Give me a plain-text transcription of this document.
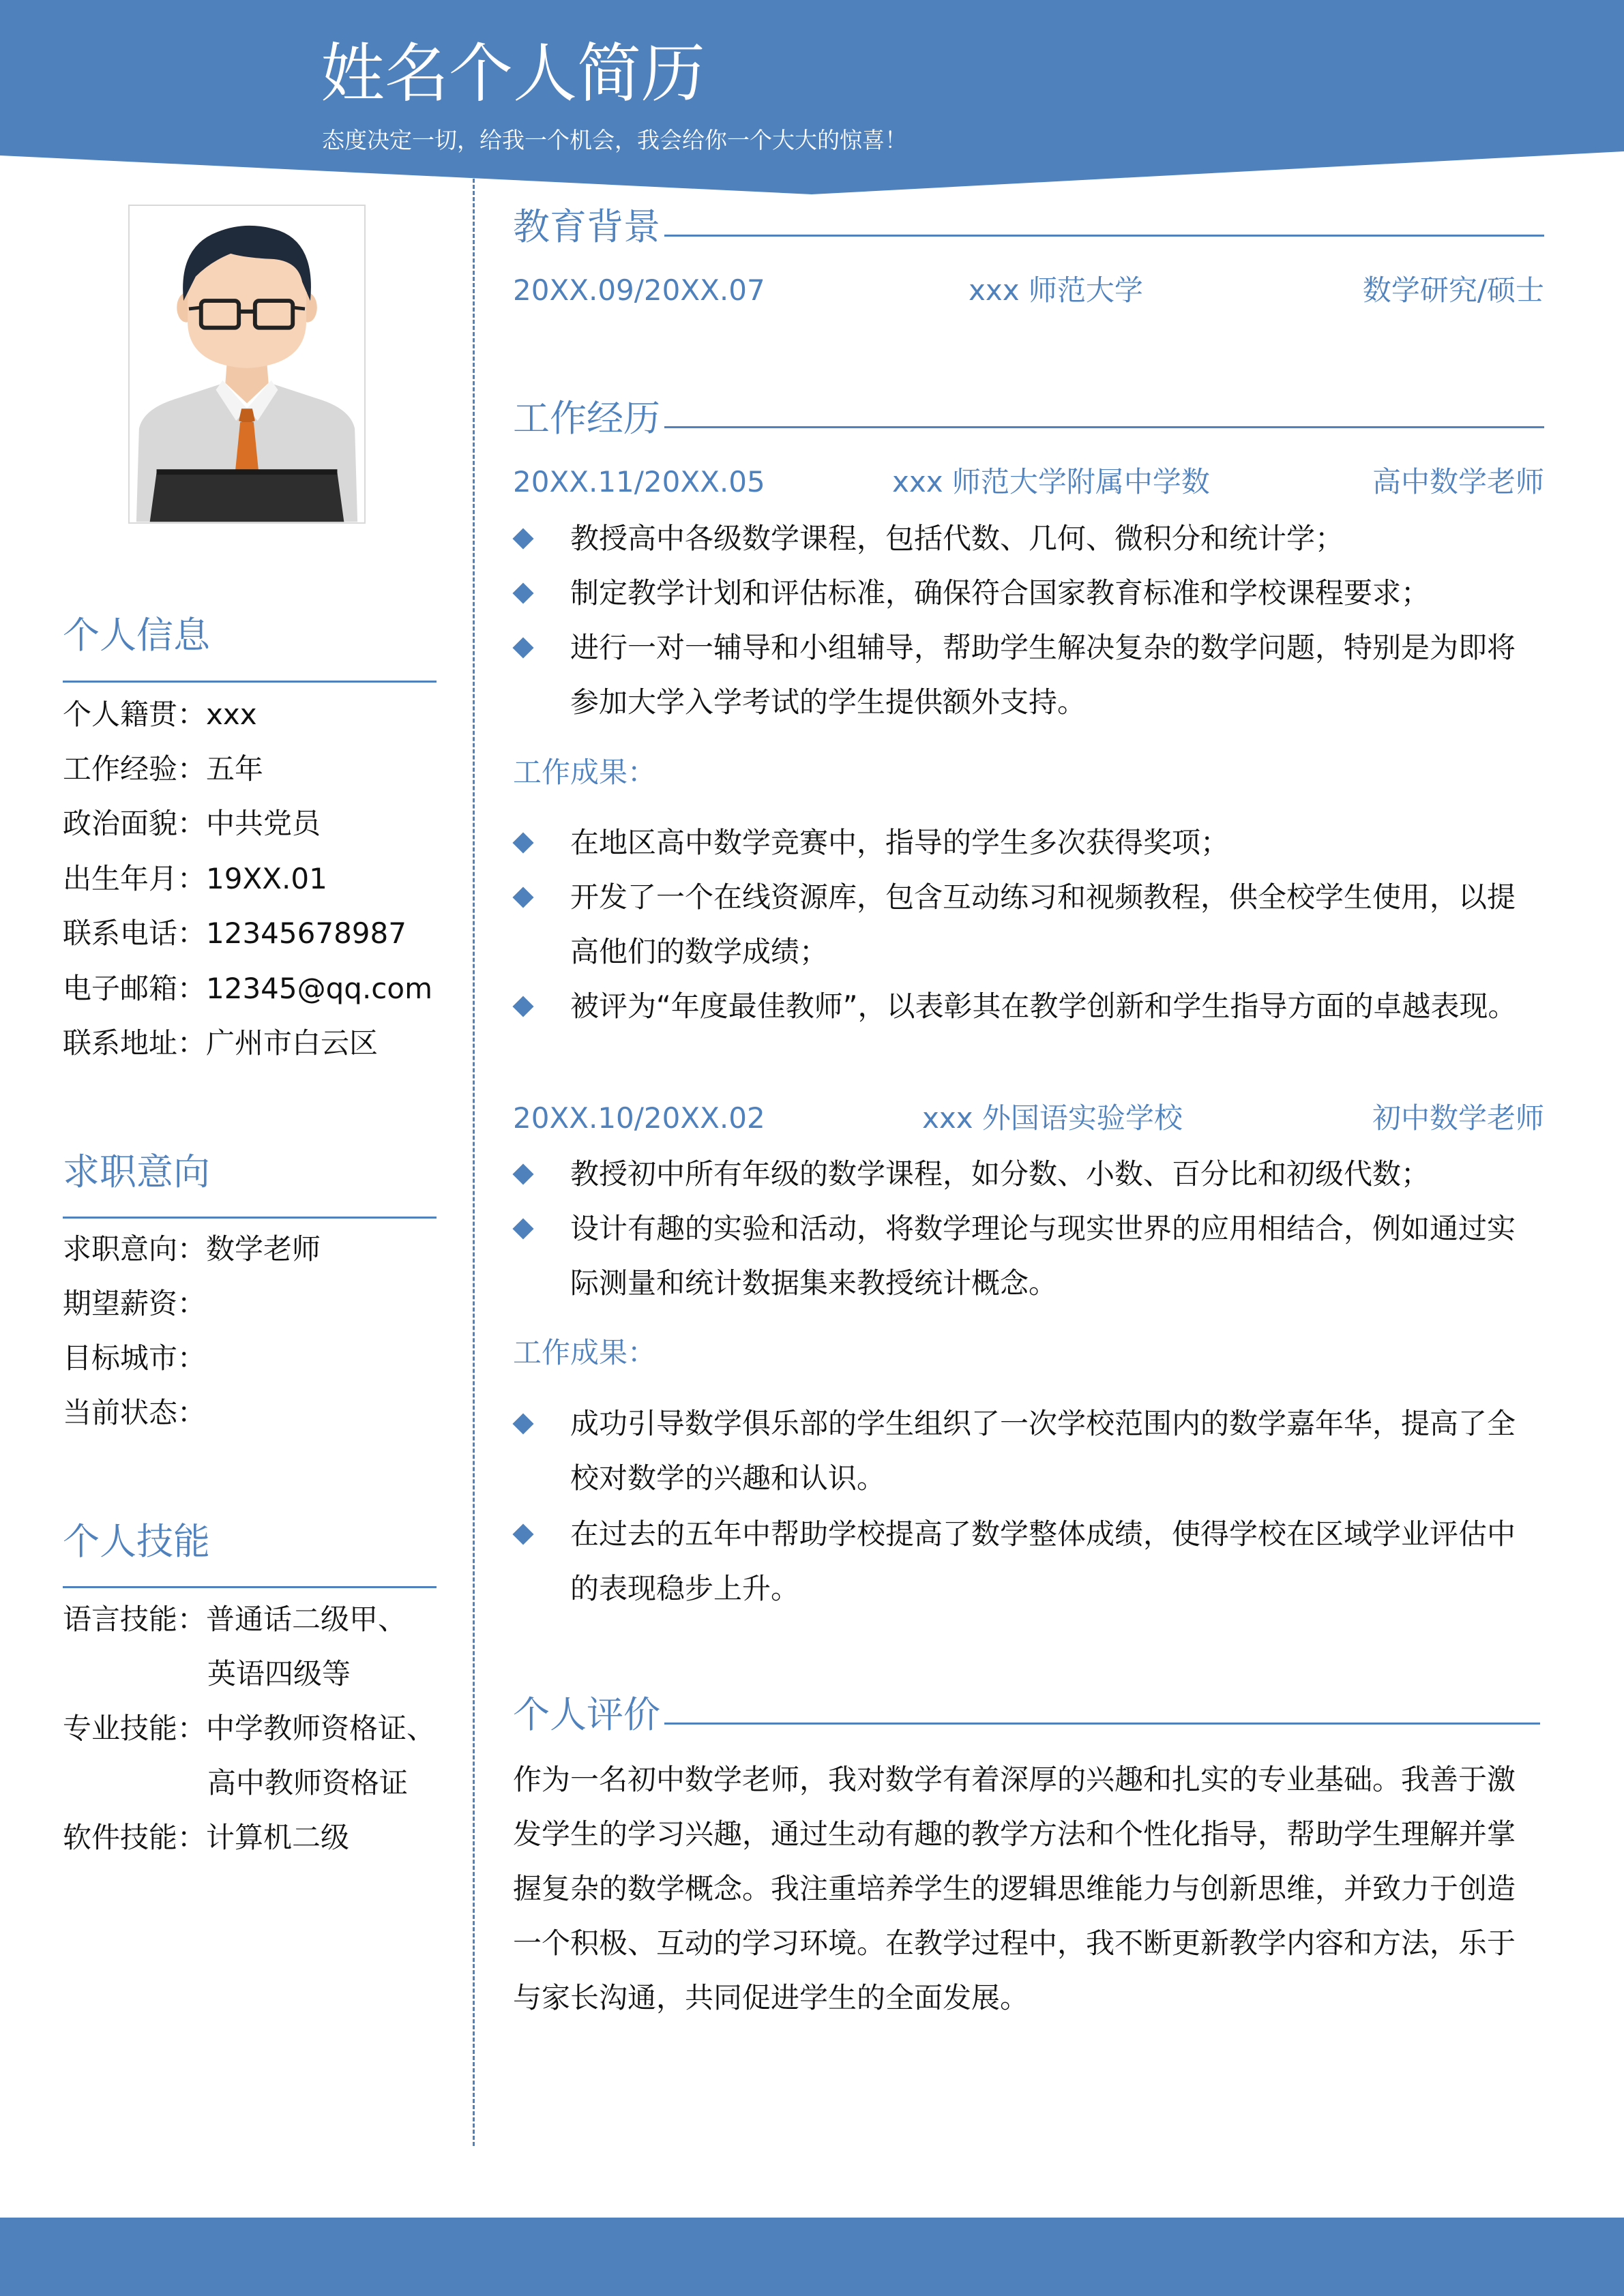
姓名个人简历
态度决定一切，给我一个机会，我会给你一个大大的惊喜！
个人信息
个人籍贯：xxx
工作经验：五年
政治面貌：中共党员
出生年月：19XX.01
联系电话：12345678987
电子邮箱：12345@qq.com
联系地址：广州市白云区
求职意向
求职意向：数学老师
期望薪资：
目标城市：
当前状态：
个人技能
语言技能：普通话二级甲、
英语四级等
专业技能：中学教师资格证、
高中教师资格证
软件技能：计算机二级
教育背景
20XX.09/20XX.07	xxx 师范大学	数学研究/硕士
工作经历
20XX.11/20XX.05	xxx 师范大学附属中学数	高中数学老师
教授高中各级数学课程，包括代数、几何、微积分和统计学；
制定教学计划和评估标准，确保符合国家教育标准和学校课程要求；
进行一对一辅导和小组辅导，帮助学生解决复杂的数学问题，特别是为即将
参加大学入学考试的学生提供额外支持。
工作成果：
在地区高中数学竞赛中，指导的学生多次获得奖项；
开发了一个在线资源库，包含互动练习和视频教程，供全校学生使用，以提
高他们的数学成绩；
被评为“年度最佳教师”，以表彰其在教学创新和学生指导方面的卓越表现。
20XX.10/20XX.02	xxx 外国语实验学校	初中数学老师
教授初中所有年级的数学课程，如分数、小数、百分比和初级代数；
设计有趣的实验和活动，将数学理论与现实世界的应用相结合，例如通过实
际测量和统计数据集来教授统计概念。
工作成果：
成功引导数学俱乐部的学生组织了一次学校范围内的数学嘉年华，提高了全
校对数学的兴趣和认识。
在过去的五年中帮助学校提高了数学整体成绩，使得学校在区域学业评估中
的表现稳步上升。
个人评价
作为一名初中数学老师，我对数学有着深厚的兴趣和扎实的专业基础。我善于激
发学生的学习兴趣，通过生动有趣的教学方法和个性化指导，帮助学生理解并掌
握复杂的数学概念。我注重培养学生的逻辑思维能力与创新思维，并致力于创造
一个积极、互动的学习环境。在教学过程中，我不断更新教学内容和方法，乐于
与家长沟通，共同促进学生的全面发展。
